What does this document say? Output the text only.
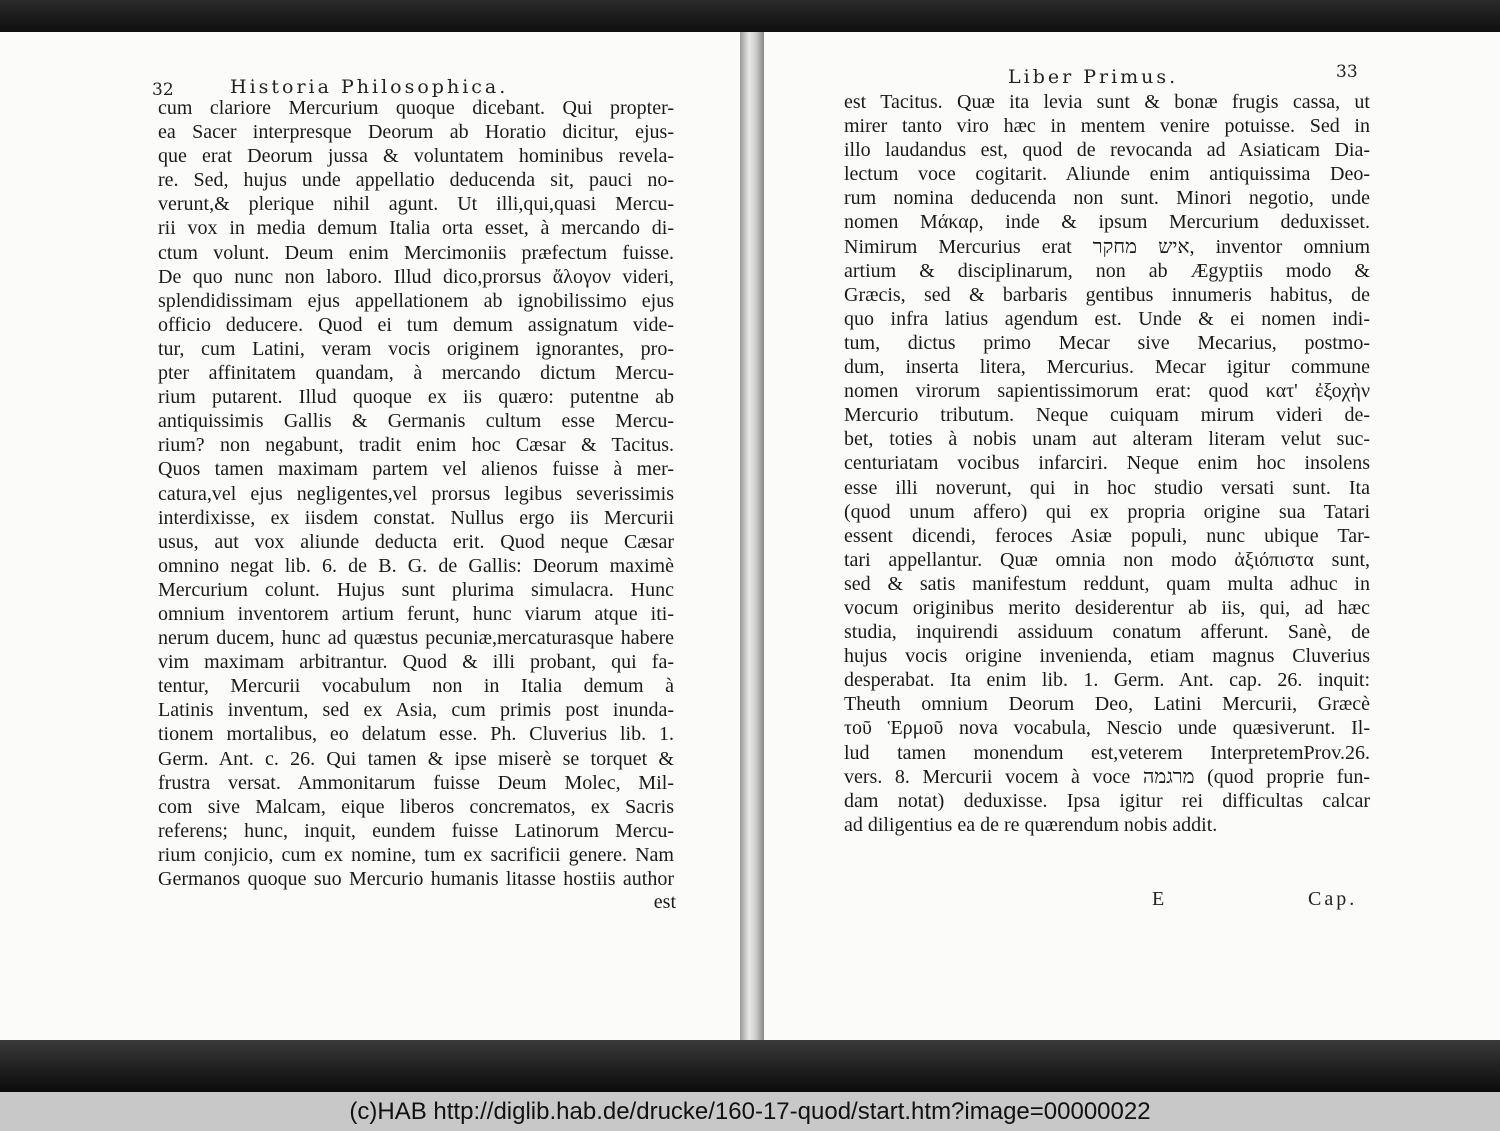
32	Historia Philosophica.
cum clariore Mercurium quoque dicebant. Qui propter-
ea Sacer interpresque Deorum ab Horatio dicitur, ejus-
que erat Deorum jussa & voluntatem hominibus revela-
re. Sed, hujus unde appellatio deducenda sit, pauci no-
verunt,& plerique nihil agunt. Ut illi,qui,quasi Mercu-
rii vox in media demum Italia orta esset, à mercando di-
ctum volunt. Deum enim Mercimoniis præfectum fuisse.
De quo nunc non laboro. Illud dico,prorsus ἄλογον videri,
splendidissimam ejus appellationem ab ignobilissimo ejus
officio deducere. Quod ei tum demum assignatum vide-
tur, cum Latini, veram vocis originem ignorantes, pro-
pter affinitatem quandam, à mercando dictum Mercu-
rium putarent. Illud quoque ex iis quæro: putentne ab
antiquissimis Gallis & Germanis cultum esse Mercu-
rium? non negabunt, tradit enim hoc Cæsar & Tacitus.
Quos tamen maximam partem vel alienos fuisse à mer-
catura,vel ejus negligentes,vel prorsus legibus severissimis
interdixisse, ex iisdem constat. Nullus ergo iis Mercurii
usus, aut vox aliunde deducta erit. Quod neque Cæsar
omnino negat lib. 6. de B. G. de Gallis: Deorum maximè
Mercurium colunt. Hujus sunt plurima simulacra. Hunc
omnium inventorem artium ferunt, hunc viarum atque iti-
nerum ducem, hunc ad quæstus pecuniæ,mercaturasque habere
vim maximam arbitrantur. Quod & illi probant, qui fa-
tentur, Mercurii vocabulum non in Italia demum à
Latinis inventum, sed ex Asia, cum primis post inunda-
tionem mortalibus, eo delatum esse. Ph. Cluverius lib. 1.
Germ. Ant. c. 26. Qui tamen & ipse miserè se torquet &
frustra versat. Ammonitarum fuisse Deum Molec, Mil-
com sive Malcam, eique liberos concrematos, ex Sacris
referens; hunc, inquit, eundem fuisse Latinorum Mercu-
rium conjicio, cum ex nomine, tum ex sacrificii genere. Nam
Germanos quoque suo Mercurio humanis litasse hostiis author
est
Liber Primus.	33
est Tacitus. Quæ ita levia sunt & bonæ frugis cassa, ut
mirer tanto viro hæc in mentem venire potuisse. Sed in
illo laudandus est, quod de revocanda ad Asiaticam Dia-
lectum voce cogitarit. Aliunde enim antiquissima Deo-
rum nomina deducenda non sunt. Minori negotio, unde
nomen Μάκαρ, inde & ipsum Mercurium deduxisset.
Nimirum Mercurius erat איש מחקר, inventor omnium
artium & disciplinarum, non ab Ægyptiis modo &
Græcis, sed & barbaris gentibus innumeris habitus, de
quo infra latius agendum est. Unde & ei nomen indi-
tum, dictus primo Mecar sive Mecarius, postmo-
dum, inserta litera, Mercurius. Mecar igitur commune
nomen virorum sapientissimorum erat: quod κατ' ἐξοχὴν
Mercurio tributum. Neque cuiquam mirum videri de-
bet, toties à nobis unam aut alteram literam velut suc-
centuriatam vocibus infarciri. Neque enim hoc insolens
esse illi noverunt, qui in hoc studio versati sunt. Ita
(quod unum affero) qui ex propria origine sua Tatari
essent dicendi, feroces Asiæ populi, nunc ubique Tar-
tari appellantur. Quæ omnia non modo ἀξιόπιστα sunt,
sed & satis manifestum reddunt, quam multa adhuc in
vocum originibus merito desiderentur ab iis, qui, ad hæc
studia, inquirendi assiduum conatum afferunt. Sanè, de
hujus vocis origine invenienda, etiam magnus Cluverius
desperabat. Ita enim lib. 1. Germ. Ant. cap. 26. inquit:
Theuth omnium Deorum Deo, Latini Mercurii, Græcè
τοῦ Ἑρμοῦ nova vocabula, Nescio unde quæsiverunt. Il-
lud tamen monendum est,veterem InterpretemProv.26.
vers. 8. Mercurii vocem à voce מרגמה (quod proprie fun-
dam notat) deduxisse. Ipsa igitur rei difficultas calcar
ad diligentius ea de re quærendum nobis addit.
E	Cap.
(c)HAB http://diglib.hab.de/drucke/160-17-quod/start.htm?image=00000022
